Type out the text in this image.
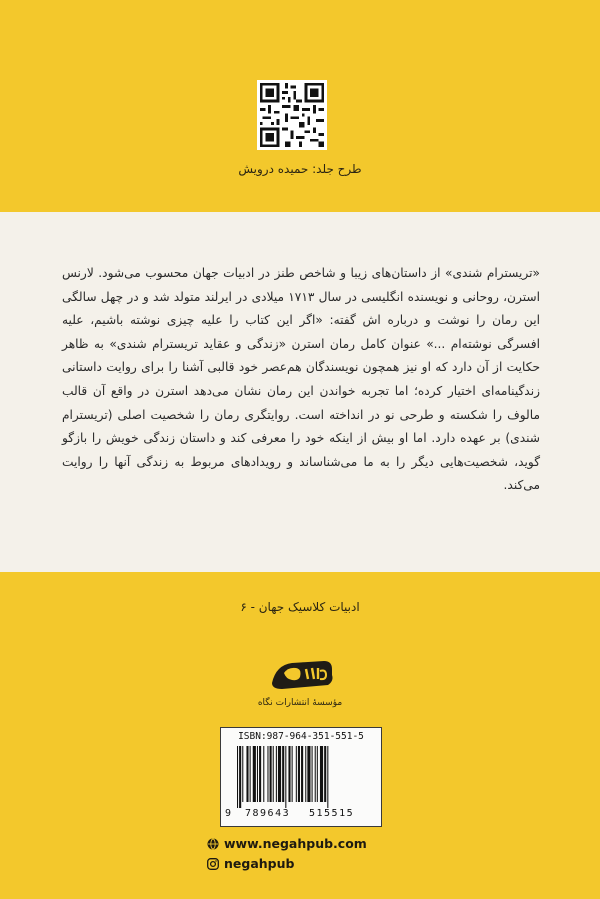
طرح جلد: حمیده درویش

«تریسترام شندی» از داستان‌های زیبا و شاخص طنز در ادبیات جهان محسوب می‌شود. لارنس استرن، روحانی و نویسنده انگلیسی در سال ۱۷۱۳ میلادی در ایرلند متولد شد و در چهل سالگی این رمان را نوشت و درباره اش گفته: «اگر این کتاب را علیه چیزی نوشته باشیم، علیه افسرگی نوشته‌ام ...» عنوان کامل رمان استرن «زندگی و عقاید تریسترام شندی» به ظاهر حکایت از آن دارد که او نیز همچون نویسندگان هم‌عصر خود قالبی آشنا را برای روایت داستانی زندگینامه‌ای اختیار کرده؛ اما تجربه خواندن این رمان نشان می‌دهد استرن در واقع آن قالب مالوف را شکسته و طرحی نو در انداخته است. روایتگری رمان را شخصیت اصلی (تریسترام شندی) بر عهده دارد. اما او بیش از اینکه خود را معرفی کند و داستان زندگی خویش را بازگو گوید، شخصیت‌هایی دیگر را به ما می‌شناساند و رویدادهای مربوط به زندگی آنها را روایت می‌کند.

ادبیات کلاسیک جهان - ۶
مؤسسهٔ انتشارات نگاه
ISBN:987-964-351-551-5
9 789643 515515
www.negahpub.com
negahpub
